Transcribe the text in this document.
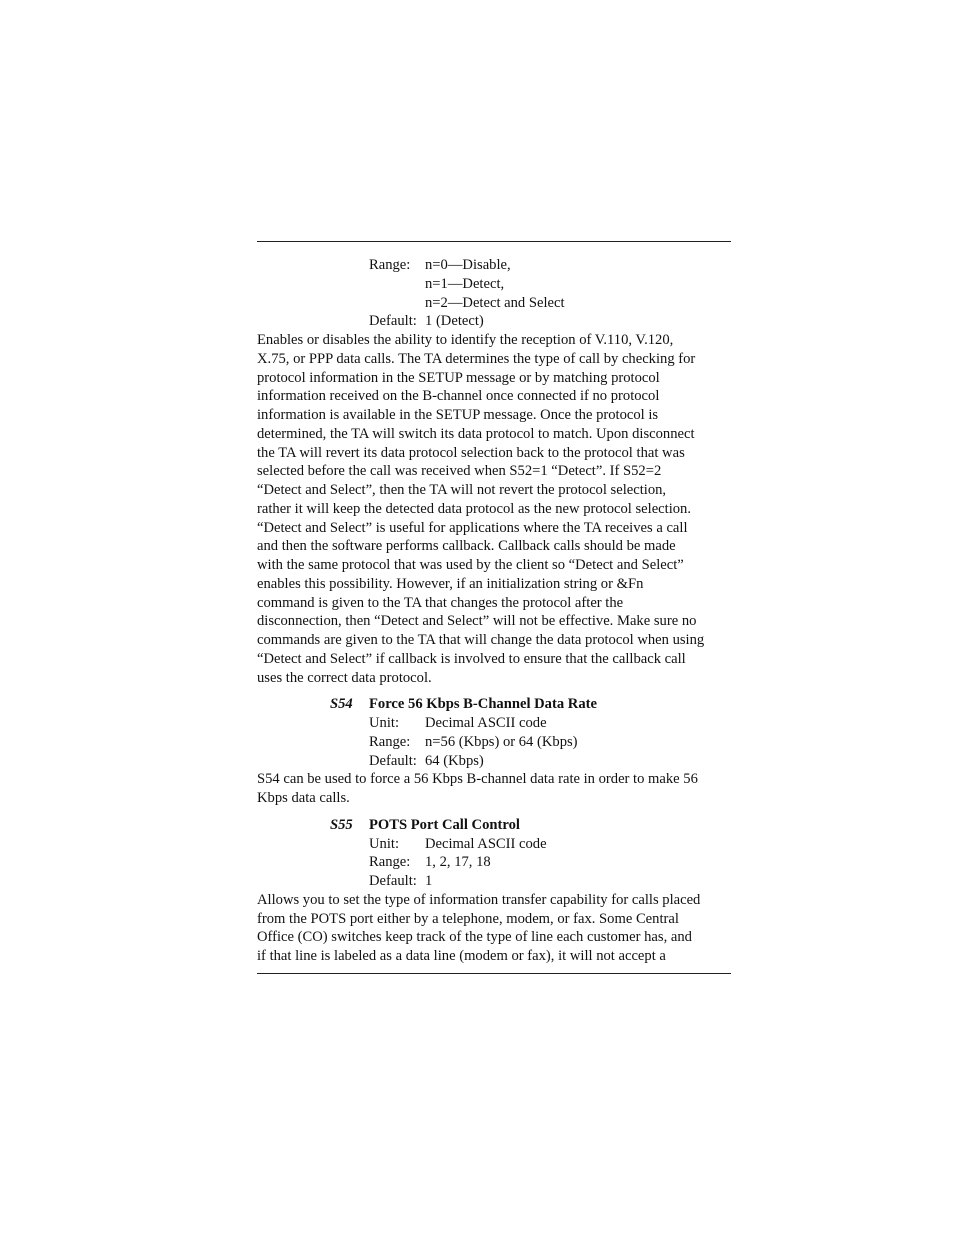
Range:	n=0—Disable,
n=1—Detect,
n=2—Detect and Select
Default: 1 (Detect)
Enables or disables the ability to identify the reception of V.110, V.120,
X.75, or PPP data calls. The TA determines the type of call by checking for
protocol information in the SETUP message or by matching protocol
information received on the B-channel once connected if no protocol
information is available in the SETUP message. Once the protocol is
determined, the TA will switch its data protocol to match. Upon disconnect
the TA will revert its data protocol selection back to the protocol that was
selected before the call was received when S52=1 “Detect”. If S52=2
“Detect and Select”, then the TA will not revert the protocol selection,
rather it will keep the detected data protocol as the new protocol selection.
“Detect and Select” is useful for applications where the TA receives a call
and then the software performs callback. Callback calls should be made
with the same protocol that was used by the client so “Detect and Select”
enables this possibility. However, if an initialization string or &Fn
command is given to the TA that changes the protocol after the
disconnection, then “Detect and Select” will not be effective. Make sure no
commands are given to the TA that will change the data protocol when using
“Detect and Select” if callback is involved to ensure that the callback call
uses the correct data protocol.
S54	Force 56 Kbps B-Channel Data Rate
Unit:	Decimal ASCII code
Range:	n=56 (Kbps) or 64 (Kbps)
Default: 64 (Kbps)
S54 can be used to force a 56 Kbps B-channel data rate in order to make 56
Kbps data calls.
S55	POTS Port Call Control
Unit:	Decimal ASCII code
Range:	1, 2, 17, 18
Default: 1
Allows you to set the type of information transfer capability for calls placed
from the POTS port either by a telephone, modem, or fax. Some Central
Office (CO) switches keep track of the type of line each customer has, and
if that line is labeled as a data line (modem or fax), it will not accept a
